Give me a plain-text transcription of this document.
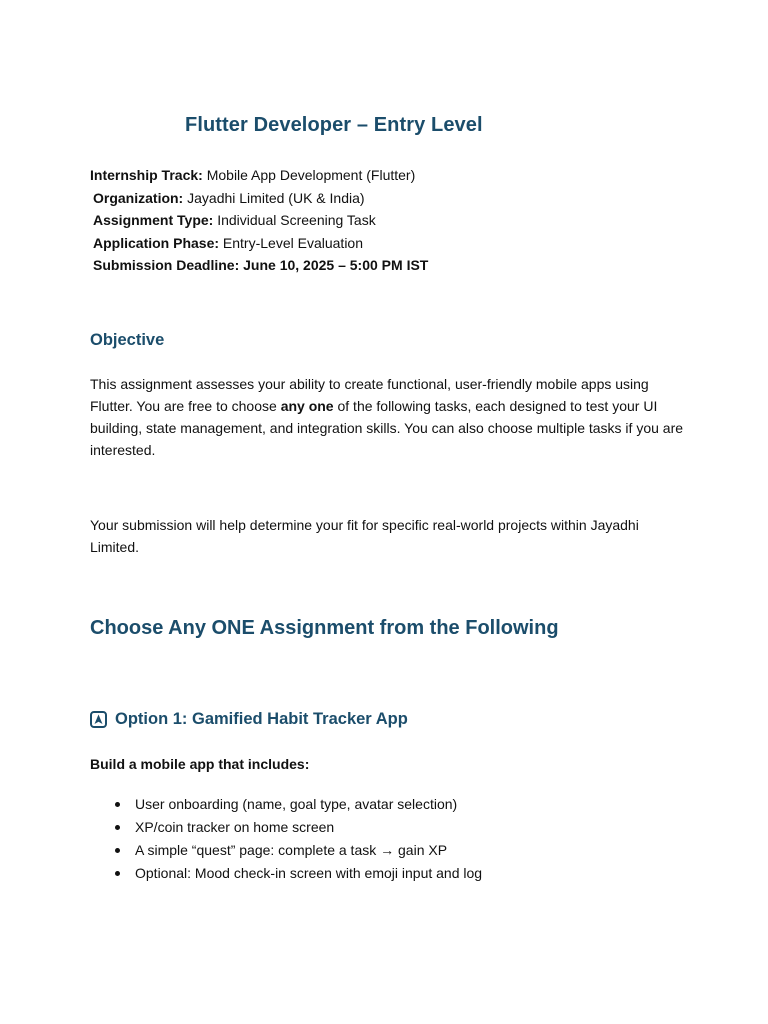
Flutter Developer – Entry Level
Internship Track: Mobile App Development (Flutter)
Organization: Jayadhi Limited (UK & India)
Assignment Type: Individual Screening Task
Application Phase: Entry-Level Evaluation
Submission Deadline: June 10, 2025 – 5:00 PM IST
Objective
This assignment assesses your ability to create functional, user-friendly mobile apps using Flutter. You are free to choose any one of the following tasks, each designed to test your UI building, state management, and integration skills. You can also choose multiple tasks if you are interested.
Your submission will help determine your fit for specific real-world projects within Jayadhi Limited.
Choose Any ONE Assignment from the Following
Option 1: Gamified Habit Tracker App
Build a mobile app that includes:
User onboarding (name, goal type, avatar selection)
XP/coin tracker on home screen
A simple “quest” page: complete a task → gain XP
Optional: Mood check-in screen with emoji input and log
